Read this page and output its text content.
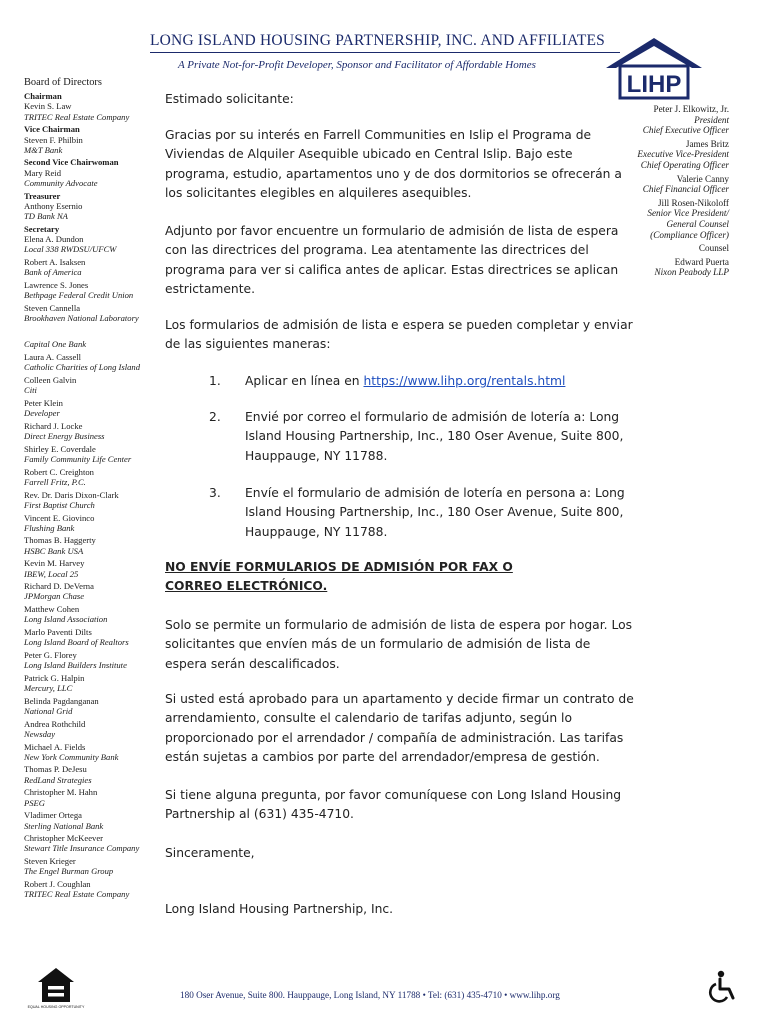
LONG ISLAND HOUSING PARTNERSHIP, INC. AND AFFILIATES
A Private Not-for-Profit Developer, Sponsor and Facilitator of Affordable Homes
LIHP
Board of Directors
Chairman
Kevin S. Law
TRITEC Real Estate Company
Vice Chairman
Steven F. Philbin
M&T Bank
Second Vice Chairwoman
Mary Reid
Community Advocate
Treasurer
Anthony Esernio
TD Bank NA
Secretary
Elena A. Dundon
Local 338 RWDSU/UFCW
Robert A. Isaksen
Bank of America
Lawrence S. Jones
Bethpage Federal Credit Union
Steven Cannella
Brookhaven National Laboratory
Capital One Bank
Laura A. Cassell
Catholic Charities of Long Island
Colleen Galvin
Citi
Peter Klein
Developer
Richard J. Locke
Direct Energy Business
Shirley E. Coverdale
Family Community Life Center
Robert C. Creighton
Farrell Fritz, P.C.
Rev. Dr. Daris Dixon-Clark
First Baptist Church
Vincent E. Giovinco
Flushing Bank
Thomas B. Haggerty
HSBC Bank USA
Kevin M. Harvey
IBEW, Local 25
Richard D. DeVerna
JPMorgan Chase
Matthew Cohen
Long Island Association
Marlo Paventi Dilts
Long Island Board of Realtors
Peter G. Florey
Long Island Builders Institute
Patrick G. Halpin
Mercury, LLC
Belinda Pagdanganan
National Grid
Andrea Rothchild
Newsday
Michael A. Fields
New York Community Bank
Thomas P. DeJesu
RedLand Strategies
Christopher M. Hahn
PSEG
Vladimer Ortega
Sterling National Bank
Christopher McKeever
Stewart Title Insurance Company
Steven Krieger
The Engel Burman Group
Robert J. Coughlan
TRITEC Real Estate Company
Peter J. Elkowitz, Jr.
President
Chief Executive Officer
James Britz
Executive Vice-President
Chief Operating Officer
Valerie Canny
Chief Financial Officer
Jill Rosen-Nikoloff
Senior Vice President/
General Counsel
(Compliance Officer)
Counsel
Edward Puerta
Nixon Peabody LLP

Estimado solicitante:

Gracias por su interés en Farrell Communities en Islip el Programa de Viviendas de Alquiler Asequible ubicado en Central Islip. Bajo este programa, estudio, apartamentos uno y de dos dormitorios se ofrecerán a los solicitantes elegibles en alquileres asequibles.

Adjunto por favor encuentre un formulario de admisión de lista de espera con las directrices del programa. Lea atentamente las directrices del programa para ver si califica antes de aplicar. Estas directrices se aplican estrictamente.

Los formularios de admisión de lista e espera se pueden completar y enviar de las siguientes maneras:

1. Aplicar en línea en https://www.lihp.org/rentals.html
2. Envié por correo el formulario de admisión de lotería a: Long Island Housing Partnership, Inc., 180 Oser Avenue, Suite 800, Hauppauge, NY 11788.
3. Envíe el formulario de admisión de lotería en persona a: Long Island Housing Partnership, Inc., 180 Oser Avenue, Suite 800, Hauppauge, NY 11788.

NO ENVÍE FORMULARIOS DE ADMISIÓN POR FAX O CORREO ELECTRÓNICO.

Solo se permite un formulario de admisión de lista de espera por hogar. Los solicitantes que envíen más de un formulario de admisión de lista de espera serán descalificados.

Si usted está aprobado para un apartamento y decide firmar un contrato de arrendamiento, consulte el calendario de tarifas adjunto, según lo proporcionado por el arrendador / compañía de administración. Las tarifas están sujetas a cambios por parte del arrendador/empresa de gestión.

Si tiene alguna pregunta, por favor comuníquese con Long Island Housing Partnership al (631) 435-4710.

Sinceramente,

Long Island Housing Partnership, Inc.

EQUAL HOUSING OPPORTUNITY
180 Oser Avenue, Suite 800. Hauppauge, Long Island, NY 11788 • Tel: (631) 435-4710 • www.lihp.org
